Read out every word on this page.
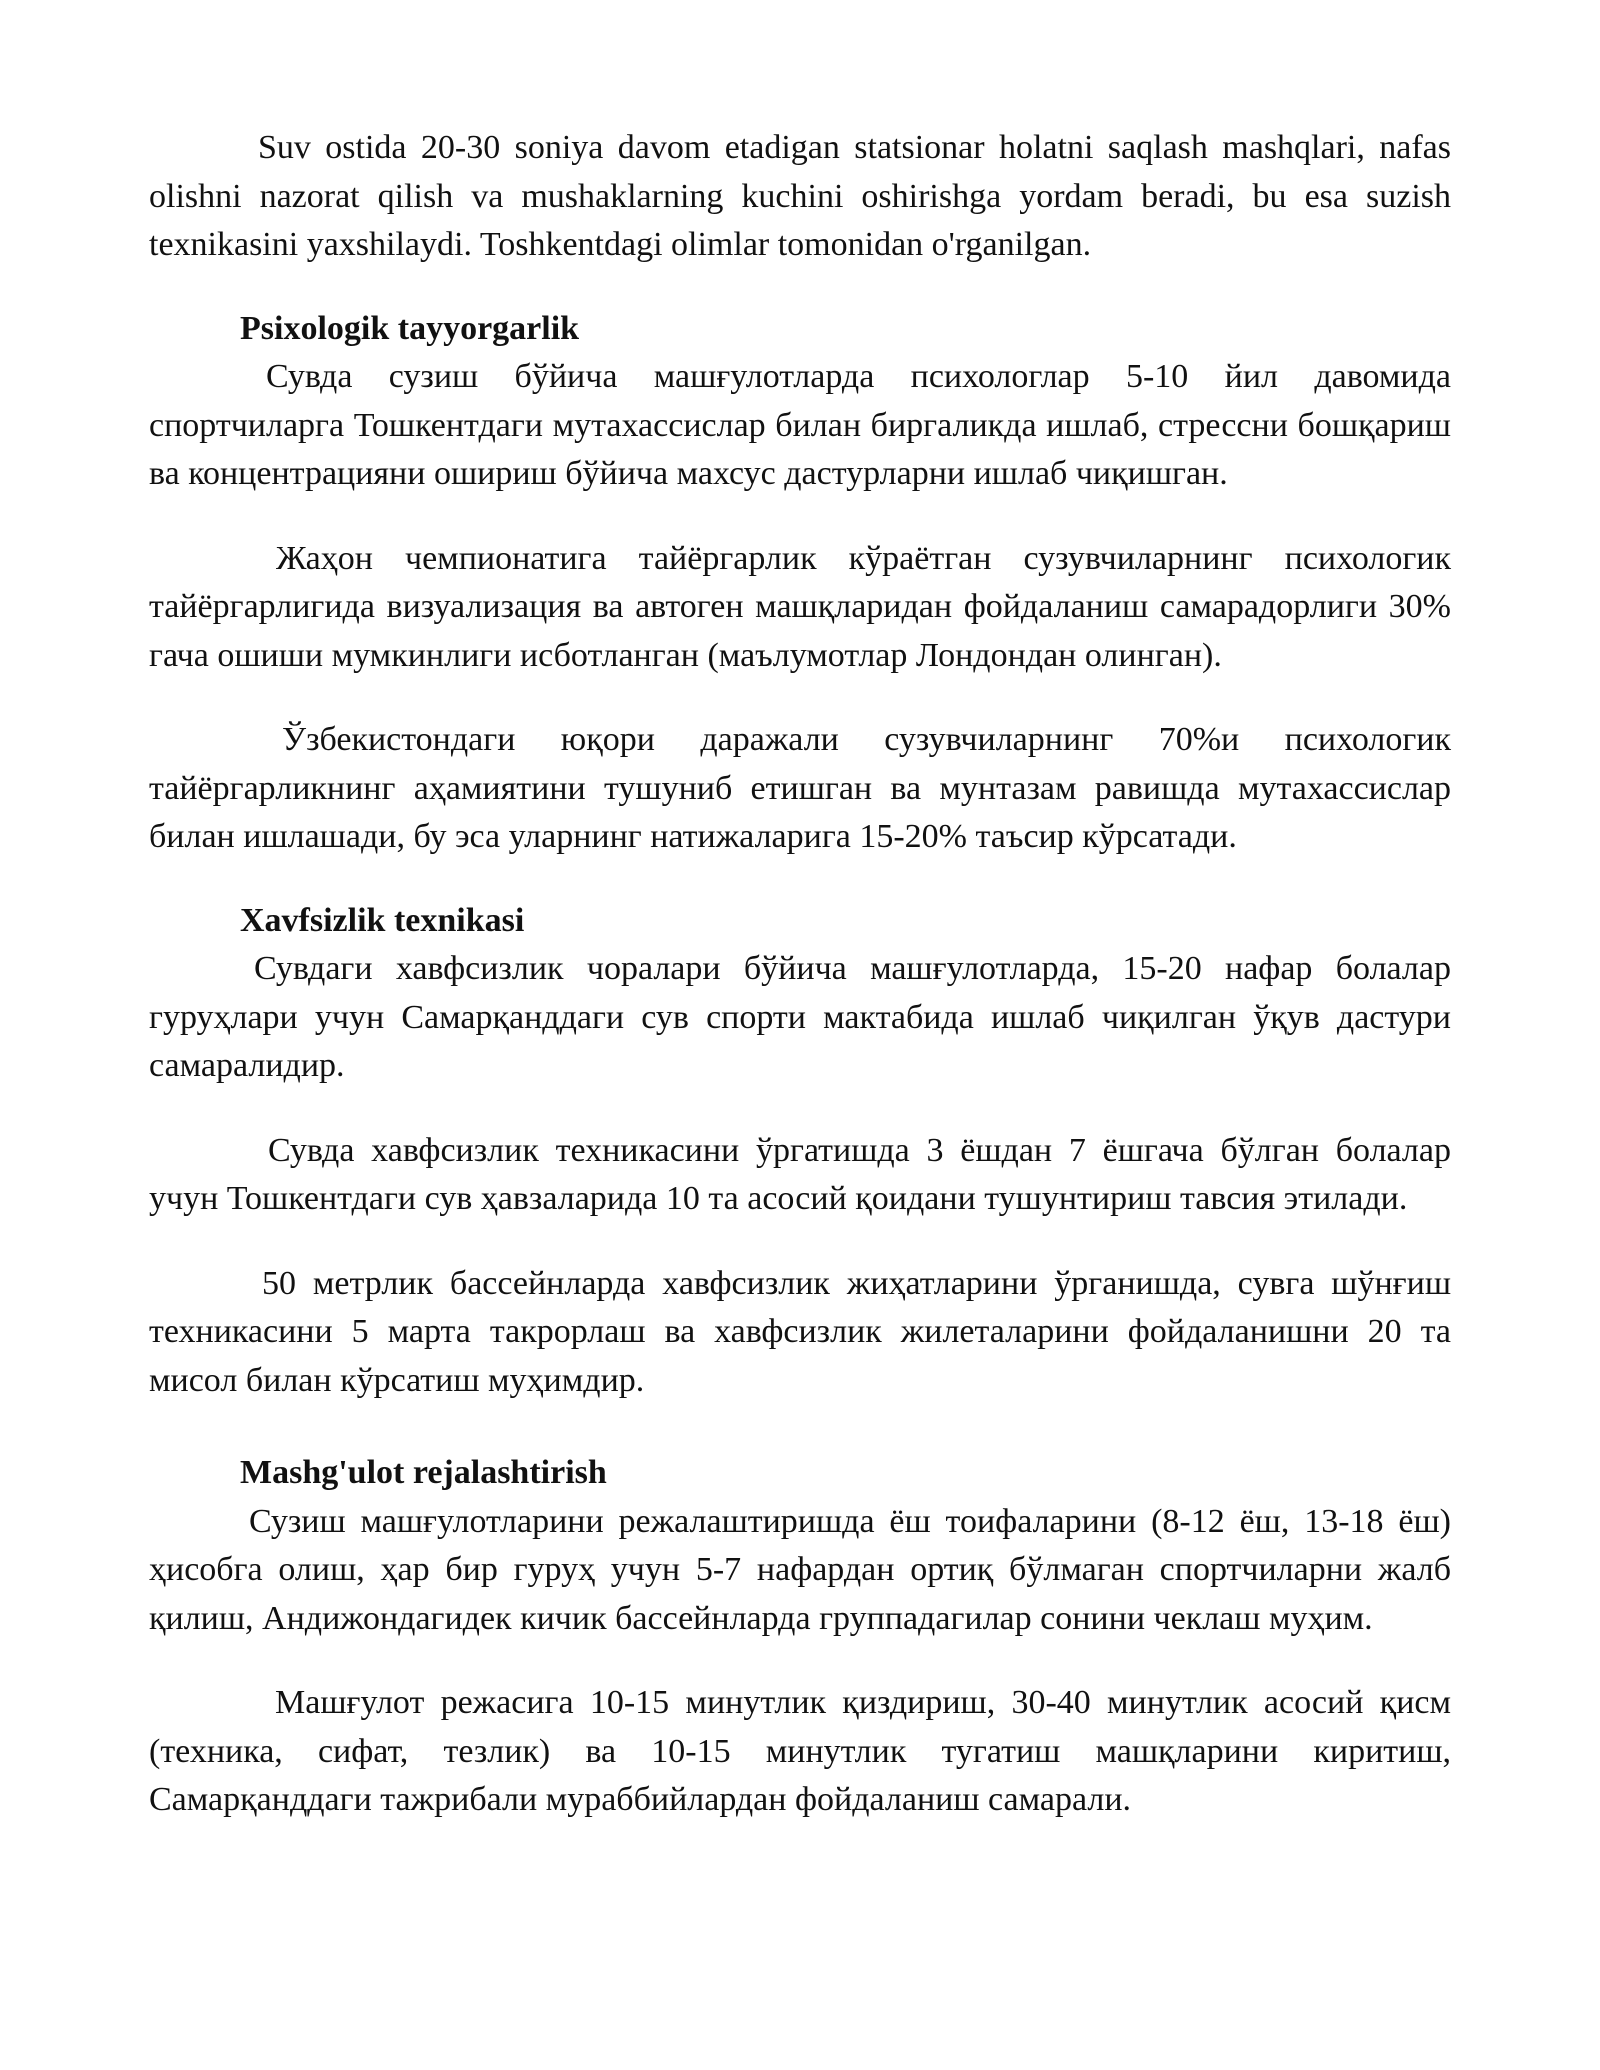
Suv ostida 20-30 soniya davom etadigan statsionar holatni saqlash mashqlari, nafas olishni nazorat qilish va mushaklarning kuchini oshirishga yordam beradi, bu esa suzish texnikasini yaxshilaydi. Toshkentdagi olimlar tomonidan o'rganilgan.

Psixologik tayyorgarlik

Сувда сузиш бўйича машғулотларда психологлар 5-10 йил давомида спортчиларга Тошкентдаги мутахассислар билан биргаликда ишлаб, стрессни бошқариш ва концентрацияни ошириш бўйича махсус дастурларни ишлаб чиқишган.

Жаҳон чемпионатига тайёргарлик кўраётган сузувчиларнинг психологик тайёргарлигида визуализация ва автоген машқларидан фойдаланиш самарадорлиги 30% гача ошиши мумкинлиги исботланган (маълумотлар Лондондан олинган).

Ўзбекистондаги юқори даражали сузувчиларнинг 70%и психологик тайёргарликнинг аҳамиятини тушуниб етишган ва мунтазам равишда мутахассислар билан ишлашади, бу эса уларнинг натижаларига 15-20% таъсир кўрсатади.

Xavfsizlik texnikasi

Сувдаги хавфсизлик чоралари бўйича машғулотларда, 15-20 нафар болалар гуруҳлари учун Самарқанддаги сув спорти мактабида ишлаб чиқилган ўқув дастури самаралидир.

Сувда хавфсизлик техникасини ўргатишда 3 ёшдан 7 ёшгача бўлган болалар учун Тошкентдаги сув ҳавзаларида 10 та асосий қоидани тушунтириш тавсия этилади.

50 метрлик бассейнларда хавфсизлик жиҳатларини ўрганишда, сувга шўнғиш техникасини 5 марта такрорлаш ва хавфсизлик жилеталарини фойдаланишни 20 та мисол билан кўрсатиш муҳимдир.

Mashg'ulot rejalashtirish

Сузиш машғулотларини режалаштиришда ёш тоифаларини (8-12 ёш, 13-18 ёш) ҳисобга олиш, ҳар бир гуруҳ учун 5-7 нафардан ортиқ бўлмаган спортчиларни жалб қилиш, Андижондагидек кичик бассейнларда группадагилар сонини чеклаш муҳим.

Машғулот режасига 10-15 минутлик қиздириш, 30-40 минутлик асосий қисм (техника, сифат, тезлик) ва 10-15 минутлик тугатиш машқларини киритиш, Самарқанддаги тажрибали мураббийлардан фойдаланиш самарали.
